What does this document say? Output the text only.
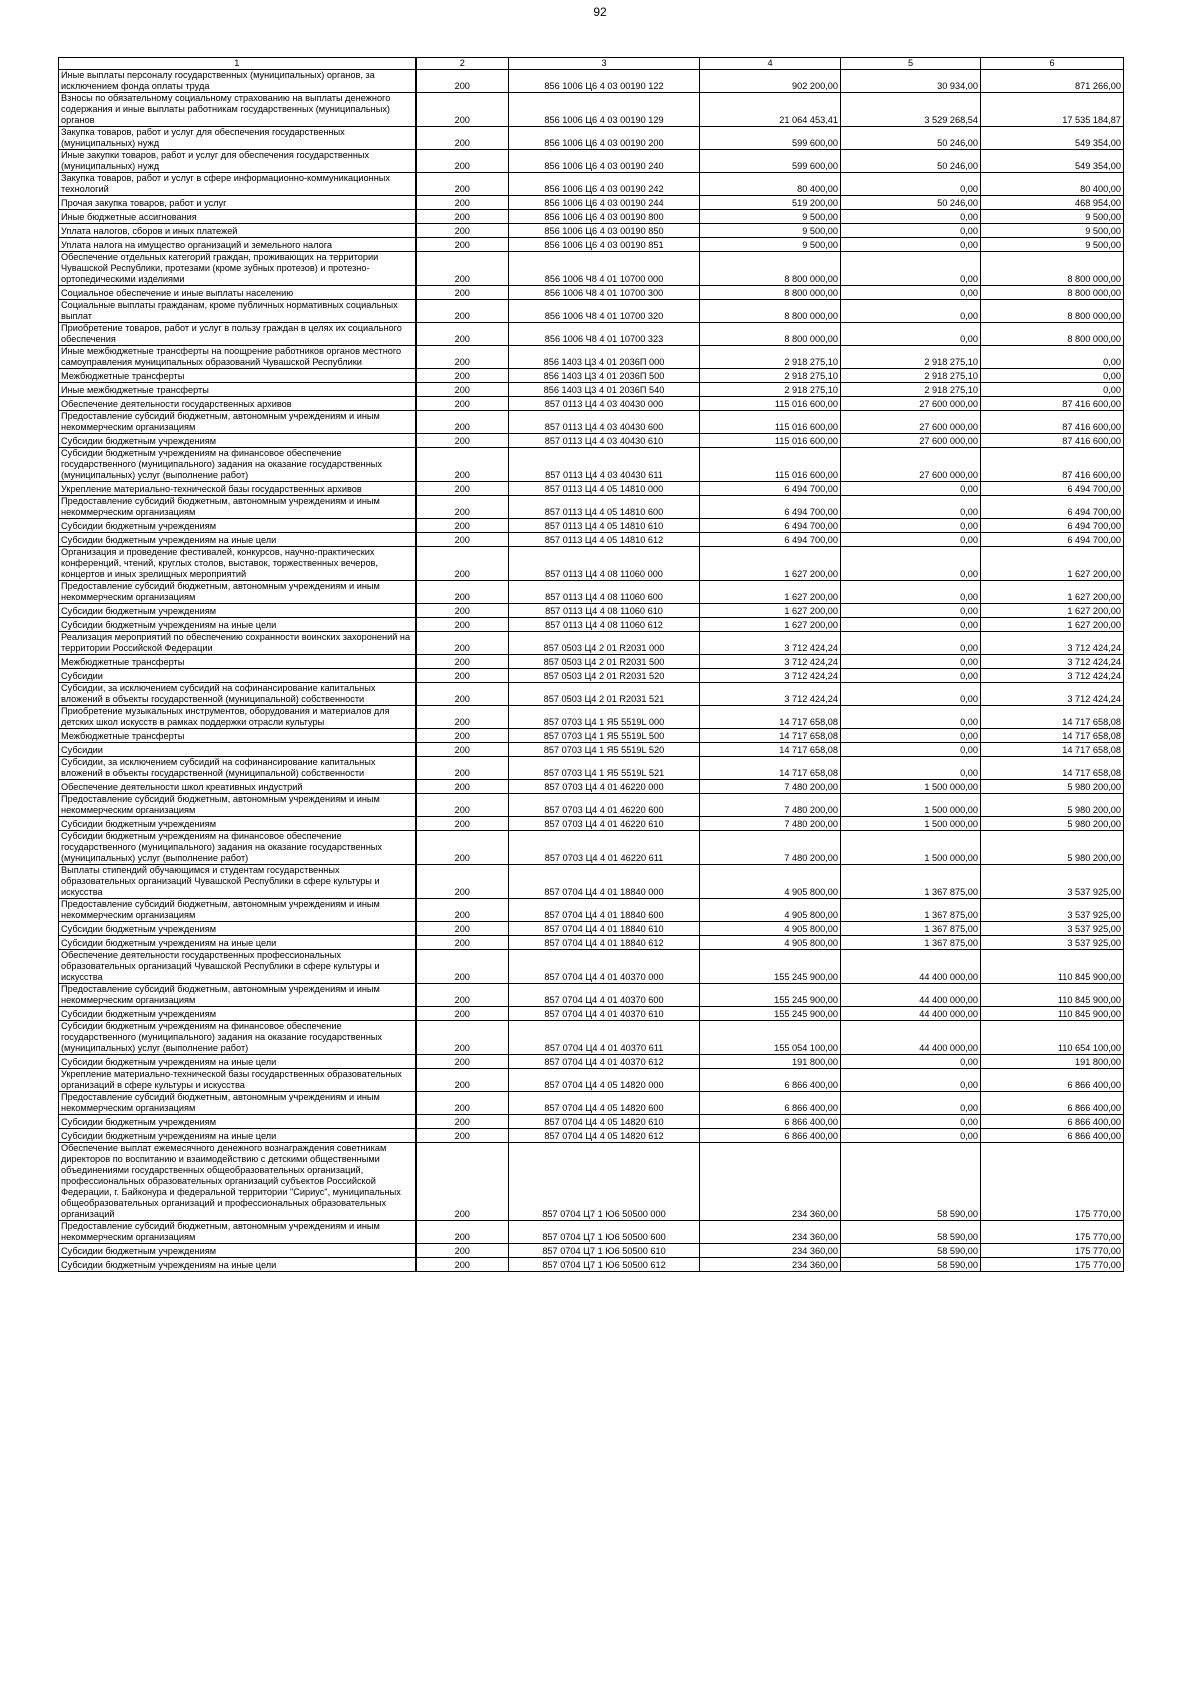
92
1	2	3	4	5	6
Иные выплаты персоналу государственных (муниципальных) органов, за исключением фонда оплаты труда	200	856 1006 Ц6 4 03 00190 122	902 200,00	30 934,00	871 266,00
Взносы по обязательному социальному страхованию на выплаты денежного содержания и иные выплаты работникам государственных (муниципальных) органов	200	856 1006 Ц6 4 03 00190 129	21 064 453,41	3 529 268,54	17 535 184,87
Закупка товаров, работ и услуг для обеспечения государственных (муниципальных) нужд	200	856 1006 Ц6 4 03 00190 200	599 600,00	50 246,00	549 354,00
Иные закупки товаров, работ и услуг для обеспечения государственных (муниципальных) нужд	200	856 1006 Ц6 4 03 00190 240	599 600,00	50 246,00	549 354,00
Закупка товаров, работ и услуг в сфере информационно-коммуникационных технологий	200	856 1006 Ц6 4 03 00190 242	80 400,00	0,00	80 400,00
Прочая закупка товаров, работ и услуг	200	856 1006 Ц6 4 03 00190 244	519 200,00	50 246,00	468 954,00
Иные бюджетные ассигнования	200	856 1006 Ц6 4 03 00190 800	9 500,00	0,00	9 500,00
Уплата налогов, сборов и иных платежей	200	856 1006 Ц6 4 03 00190 850	9 500,00	0,00	9 500,00
Уплата налога на имущество организаций и земельного налога	200	856 1006 Ц6 4 03 00190 851	9 500,00	0,00	9 500,00
Обеспечение отдельных категорий граждан, проживающих на территории Чувашской Республики, протезами (кроме зубных протезов) и протезно-ортопедическими изделиями	200	856 1006 Ч8 4 01 10700 000	8 800 000,00	0,00	8 800 000,00
Социальное обеспечение и иные выплаты населению	200	856 1006 Ч8 4 01 10700 300	8 800 000,00	0,00	8 800 000,00
Социальные выплаты гражданам, кроме публичных нормативных социальных выплат	200	856 1006 Ч8 4 01 10700 320	8 800 000,00	0,00	8 800 000,00
Приобретение товаров, работ и услуг в пользу граждан в целях их социального обеспечения	200	856 1006 Ч8 4 01 10700 323	8 800 000,00	0,00	8 800 000,00
Иные межбюджетные трансферты на поощрение работников органов местного самоуправления муниципальных образований Чувашской Республики	200	856 1403 Ц3 4 01 2036П 000	2 918 275,10	2 918 275,10	0,00
Межбюджетные трансферты	200	856 1403 Ц3 4 01 2036П 500	2 918 275,10	2 918 275,10	0,00
Иные межбюджетные трансферты	200	856 1403 Ц3 4 01 2036П 540	2 918 275,10	2 918 275,10	0,00
Обеспечение деятельности государственных архивов	200	857 0113 Ц4 4 03 40430 000	115 016 600,00	27 600 000,00	87 416 600,00
Предоставление субсидий бюджетным, автономным учреждениям и иным некоммерческим организациям	200	857 0113 Ц4 4 03 40430 600	115 016 600,00	27 600 000,00	87 416 600,00
Субсидии бюджетным учреждениям	200	857 0113 Ц4 4 03 40430 610	115 016 600,00	27 600 000,00	87 416 600,00
Субсидии бюджетным учреждениям на финансовое обеспечение государственного (муниципального) задания на оказание государственных (муниципальных) услуг (выполнение работ)	200	857 0113 Ц4 4 03 40430 611	115 016 600,00	27 600 000,00	87 416 600,00
Укрепление материально-технической базы государственных архивов	200	857 0113 Ц4 4 05 14810 000	6 494 700,00	0,00	6 494 700,00
Предоставление субсидий бюджетным, автономным учреждениям и иным некоммерческим организациям	200	857 0113 Ц4 4 05 14810 600	6 494 700,00	0,00	6 494 700,00
Субсидии бюджетным учреждениям	200	857 0113 Ц4 4 05 14810 610	6 494 700,00	0,00	6 494 700,00
Субсидии бюджетным учреждениям на иные цели	200	857 0113 Ц4 4 05 14810 612	6 494 700,00	0,00	6 494 700,00
Организация и проведение фестивалей, конкурсов, научно-практических конференций, чтений, круглых столов, выставок, торжественных вечеров, концертов и иных зрелищных мероприятий	200	857 0113 Ц4 4 08 11060 000	1 627 200,00	0,00	1 627 200,00
Предоставление субсидий бюджетным, автономным учреждениям и иным некоммерческим организациям	200	857 0113 Ц4 4 08 11060 600	1 627 200,00	0,00	1 627 200,00
Субсидии бюджетным учреждениям	200	857 0113 Ц4 4 08 11060 610	1 627 200,00	0,00	1 627 200,00
Субсидии бюджетным учреждениям на иные цели	200	857 0113 Ц4 4 08 11060 612	1 627 200,00	0,00	1 627 200,00
Реализация мероприятий по обеспечению сохранности воинских захоронений на территории Российской Федерации	200	857 0503 Ц4 2 01 R2031 000	3 712 424,24	0,00	3 712 424,24
Межбюджетные трансферты	200	857 0503 Ц4 2 01 R2031 500	3 712 424,24	0,00	3 712 424,24
Субсидии	200	857 0503 Ц4 2 01 R2031 520	3 712 424,24	0,00	3 712 424,24
Субсидии, за исключением субсидий на софинансирование капитальных вложений в объекты государственной (муниципальной) собственности	200	857 0503 Ц4 2 01 R2031 521	3 712 424,24	0,00	3 712 424,24
Приобретение музыкальных инструментов, оборудования и материалов для детских школ искусств в рамках поддержки отрасли культуры	200	857 0703 Ц4 1 Я5 5519L 000	14 717 658,08	0,00	14 717 658,08
Межбюджетные трансферты	200	857 0703 Ц4 1 Я5 5519L 500	14 717 658,08	0,00	14 717 658,08
Субсидии	200	857 0703 Ц4 1 Я5 5519L 520	14 717 658,08	0,00	14 717 658,08
Субсидии, за исключением субсидий на софинансирование капитальных вложений в объекты государственной (муниципальной) собственности	200	857 0703 Ц4 1 Я5 5519L 521	14 717 658,08	0,00	14 717 658,08
Обеспечение деятельности школ креативных индустрий	200	857 0703 Ц4 4 01 46220 000	7 480 200,00	1 500 000,00	5 980 200,00
Предоставление субсидий бюджетным, автономным учреждениям и иным некоммерческим организациям	200	857 0703 Ц4 4 01 46220 600	7 480 200,00	1 500 000,00	5 980 200,00
Субсидии бюджетным учреждениям	200	857 0703 Ц4 4 01 46220 610	7 480 200,00	1 500 000,00	5 980 200,00
Субсидии бюджетным учреждениям на финансовое обеспечение государственного (муниципального) задания на оказание государственных (муниципальных) услуг (выполнение работ)	200	857 0703 Ц4 4 01 46220 611	7 480 200,00	1 500 000,00	5 980 200,00
Выплаты стипендий обучающимся и студентам государственных образовательных организаций Чувашской Республики в сфере культуры и искусства	200	857 0704 Ц4 4 01 18840 000	4 905 800,00	1 367 875,00	3 537 925,00
Предоставление субсидий бюджетным, автономным учреждениям и иным некоммерческим организациям	200	857 0704 Ц4 4 01 18840 600	4 905 800,00	1 367 875,00	3 537 925,00
Субсидии бюджетным учреждениям	200	857 0704 Ц4 4 01 18840 610	4 905 800,00	1 367 875,00	3 537 925,00
Субсидии бюджетным учреждениям на иные цели	200	857 0704 Ц4 4 01 18840 612	4 905 800,00	1 367 875,00	3 537 925,00
Обеспечение деятельности государственных профессиональных образовательных организаций Чувашской Республики в сфере культуры и искусства	200	857 0704 Ц4 4 01 40370 000	155 245 900,00	44 400 000,00	110 845 900,00
Предоставление субсидий бюджетным, автономным учреждениям и иным некоммерческим организациям	200	857 0704 Ц4 4 01 40370 600	155 245 900,00	44 400 000,00	110 845 900,00
Субсидии бюджетным учреждениям	200	857 0704 Ц4 4 01 40370 610	155 245 900,00	44 400 000,00	110 845 900,00
Субсидии бюджетным учреждениям на финансовое обеспечение государственного (муниципального) задания на оказание государственных (муниципальных) услуг (выполнение работ)	200	857 0704 Ц4 4 01 40370 611	155 054 100,00	44 400 000,00	110 654 100,00
Субсидии бюджетным учреждениям на иные цели	200	857 0704 Ц4 4 01 40370 612	191 800,00	0,00	191 800,00
Укрепление материально-технической базы государственных образовательных организаций в сфере культуры и искусства	200	857 0704 Ц4 4 05 14820 000	6 866 400,00	0,00	6 866 400,00
Предоставление субсидий бюджетным, автономным учреждениям и иным некоммерческим организациям	200	857 0704 Ц4 4 05 14820 600	6 866 400,00	0,00	6 866 400,00
Субсидии бюджетным учреждениям	200	857 0704 Ц4 4 05 14820 610	6 866 400,00	0,00	6 866 400,00
Субсидии бюджетным учреждениям на иные цели	200	857 0704 Ц4 4 05 14820 612	6 866 400,00	0,00	6 866 400,00
Обеспечение выплат ежемесячного денежного вознаграждения советникам директоров по воспитанию и взаимодействию с детскими общественными объединениями государственных общеобразовательных организаций, профессиональных образовательных организаций субъектов Российской Федерации, г. Байконура и федеральной территории "Сириус", муниципальных общеобразовательных организаций и профессиональных образовательных организаций	200	857 0704 Ц7 1 Ю6 50500 000	234 360,00	58 590,00	175 770,00
Предоставление субсидий бюджетным, автономным учреждениям и иным некоммерческим организациям	200	857 0704 Ц7 1 Ю6 50500 600	234 360,00	58 590,00	175 770,00
Субсидии бюджетным учреждениям	200	857 0704 Ц7 1 Ю6 50500 610	234 360,00	58 590,00	175 770,00
Субсидии бюджетным учреждениям на иные цели	200	857 0704 Ц7 1 Ю6 50500 612	234 360,00	58 590,00	175 770,00
